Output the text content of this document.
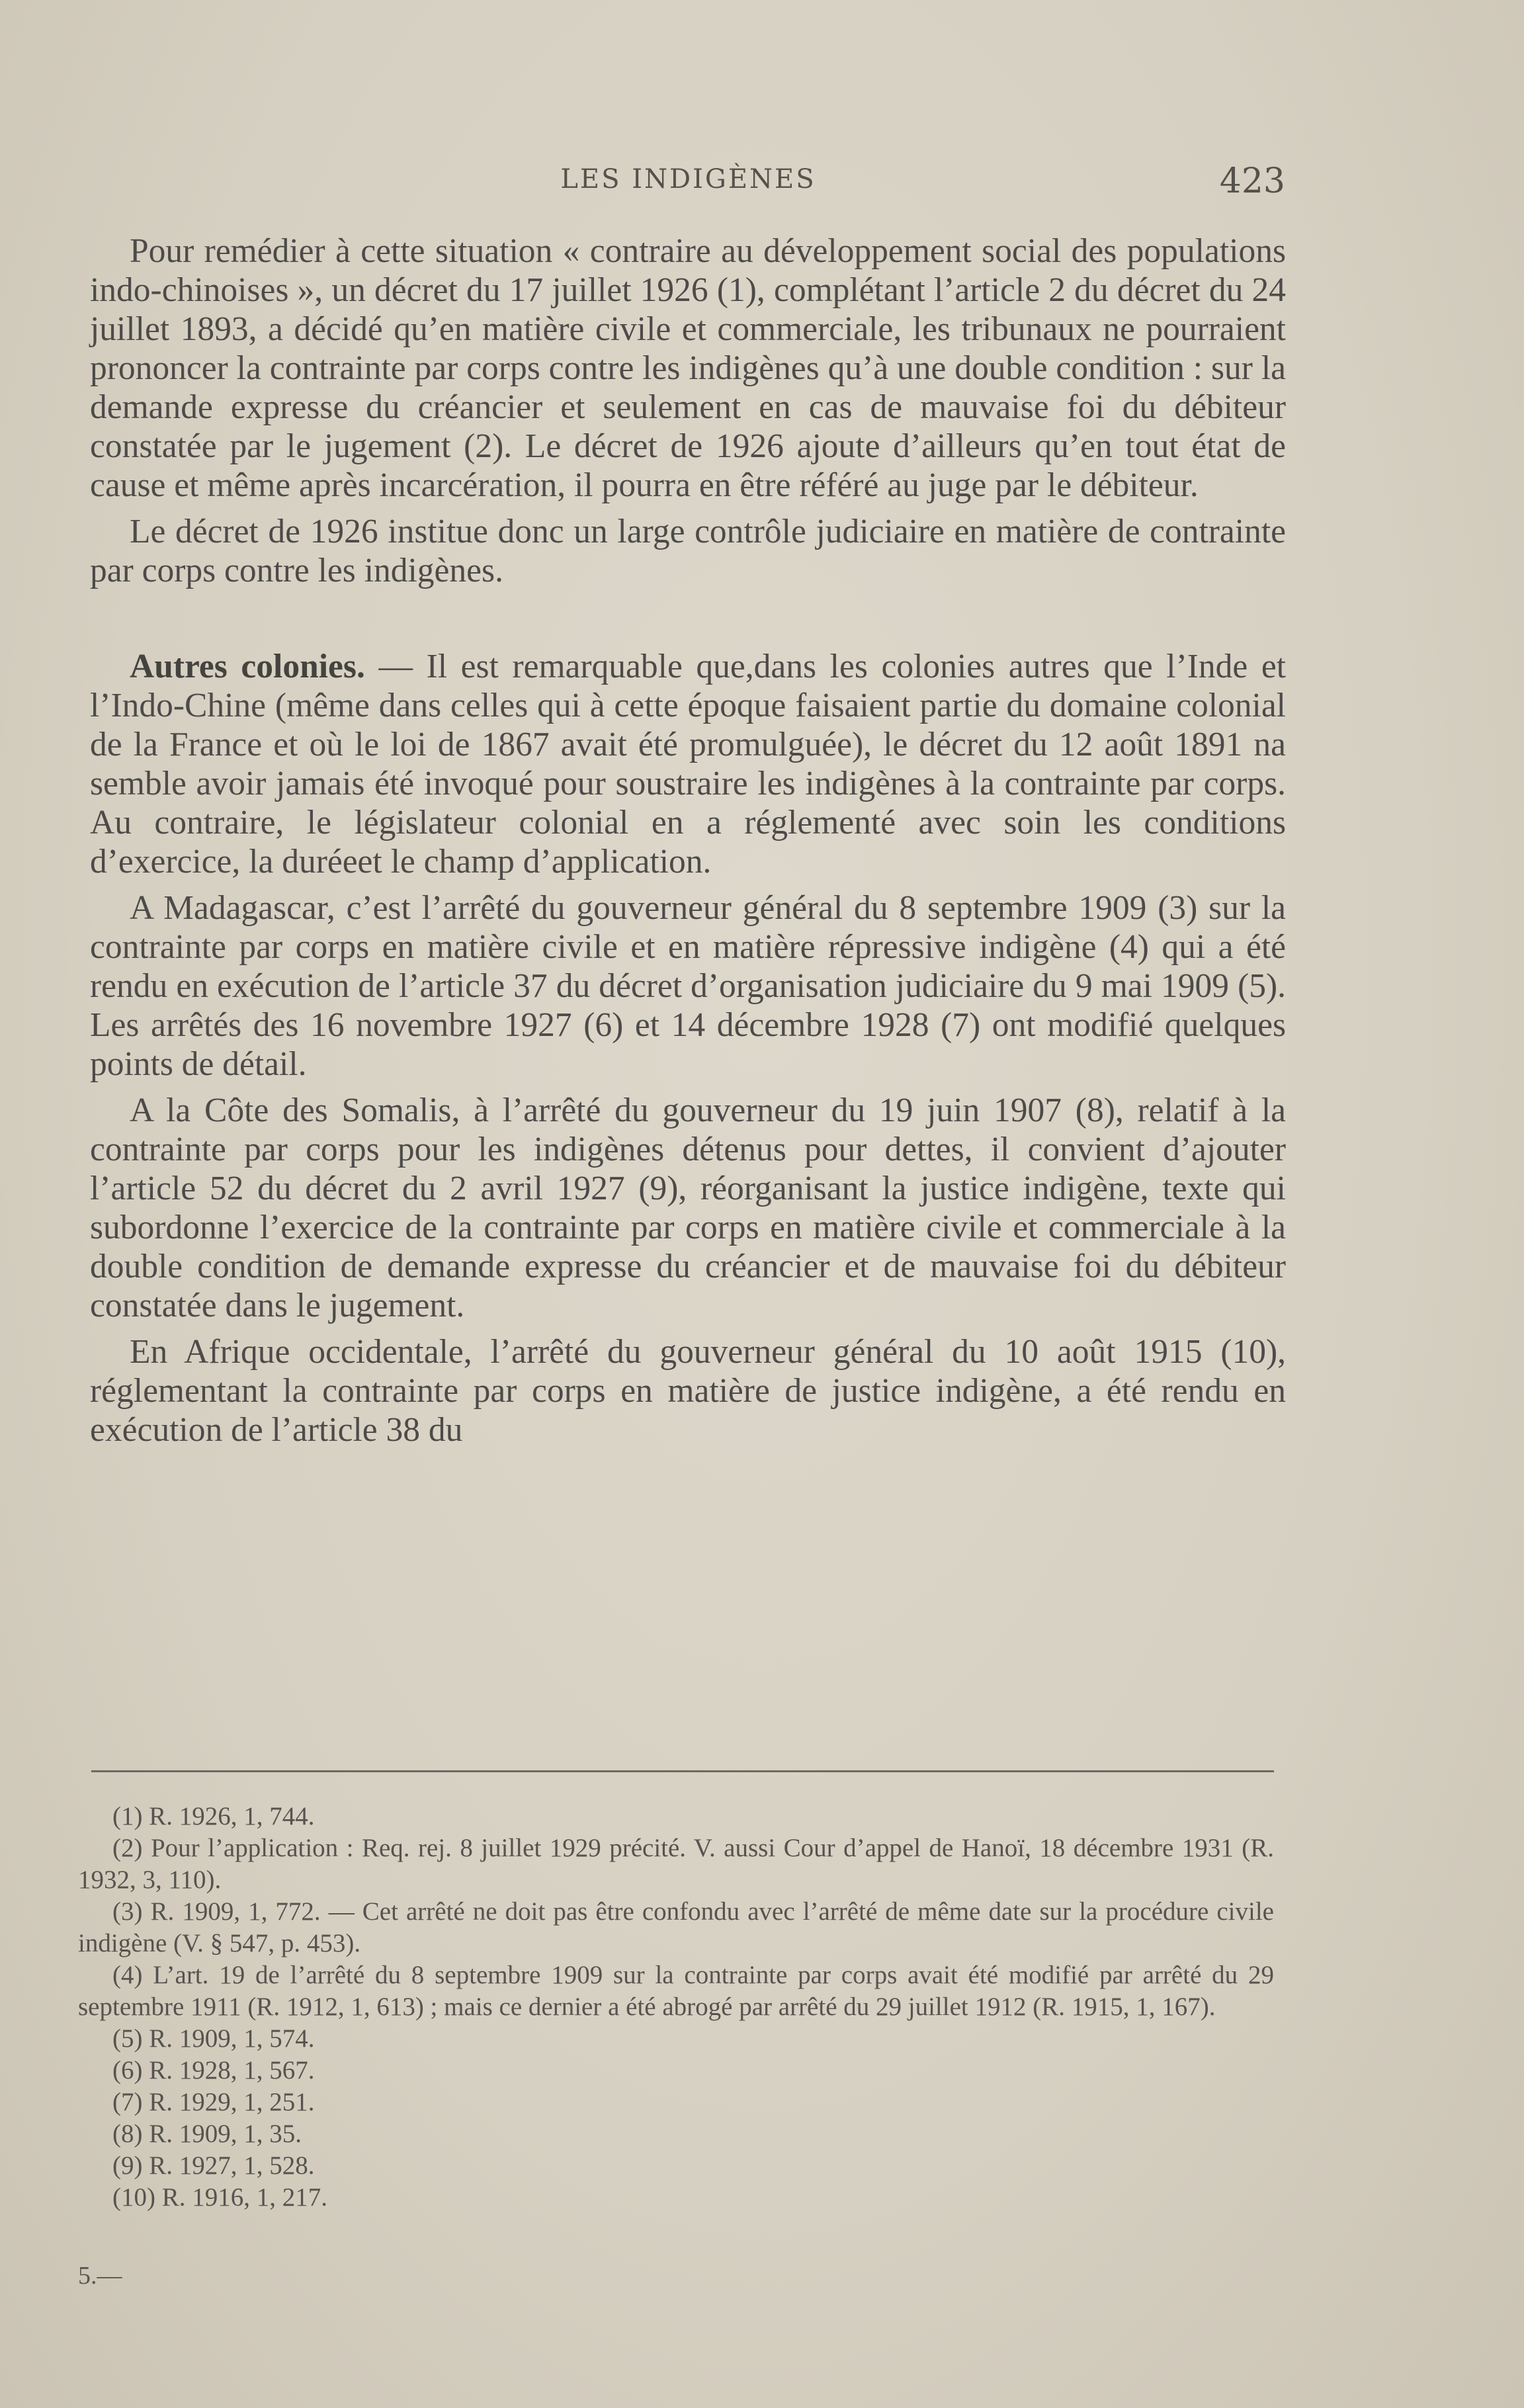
LES INDIGÈNES	423

Pour remédier à cette situation « contraire au développement social des populations indo-chinoises », un décret du 17 juillet 1926 (1), complétant l’article 2 du décret du 24 juillet 1893, a décidé qu’en matière civile et commerciale, les tribunaux ne pourraient prononcer la contrainte par corps contre les indigènes qu’à une double condition : sur la demande expresse du créancier et seulement en cas de mauvaise foi du débiteur constatée par le jugement (2). Le décret de 1926 ajoute d’ailleurs qu’en tout état de cause et même après incarcération, il pourra en être référé au juge par le débiteur.

Le décret de 1926 institue donc un large contrôle judiciaire en matière de contrainte par corps contre les indigènes.

Autres colonies. — Il est remarquable que,dans les colonies autres que l’Inde et l’Indo-Chine (même dans celles qui à cette époque faisaient partie du domaine colonial de la France et où le loi de 1867 avait été promulguée), le décret du 12 août 1891 na semble avoir jamais été invoqué pour soustraire les indigènes à la contrainte par corps. Au contraire, le législateur colonial en a réglementé avec soin les conditions d’exercice, la duréeet le champ d’application.

A Madagascar, c’est l’arrêté du gouverneur général du 8 septembre 1909 (3) sur la contrainte par corps en matière civile et en matière répressive indigène (4) qui a été rendu en exécution de l’article 37 du décret d’organisation judiciaire du 9 mai 1909 (5). Les arrêtés des 16 novembre 1927 (6) et 14 décembre 1928 (7) ont modifié quelques points de détail.

A la Côte des Somalis, à l’arrêté du gouverneur du 19 juin 1907 (8), relatif à la contrainte par corps pour les indigènes détenus pour dettes, il convient d’ajouter l’article 52 du décret du 2 avril 1927 (9), réorganisant la justice indigène, texte qui subordonne l’exercice de la contrainte par corps en matière civile et commerciale à la double condition de demande expresse du créancier et de mauvaise foi du débiteur constatée dans le jugement.

En Afrique occidentale, l’arrêté du gouverneur général du 10 août 1915 (10), réglementant la contrainte par corps en matière de justice indigène, a été rendu en exécution de l’article 38 du

(1) R. 1926, 1, 744.

(2) Pour l’application : Req. rej. 8 juillet 1929 précité. V. aussi Cour d’appel de Hanoï, 18 décembre 1931 (R. 1932, 3, 110).

(3) R. 1909, 1, 772. — Cet arrêté ne doit pas être confondu avec l’arrêté de même date sur la procédure civile indigène (V. § 547, p. 453).

(4) L’art. 19 de l’arrêté du 8 septembre 1909 sur la contrainte par corps avait été modifié par arrêté du 29 septembre 1911 (R. 1912, 1, 613) ; mais ce dernier a été abrogé par arrêté du 29 juillet 1912 (R. 1915, 1, 167).

(5) R. 1909, 1, 574.

(6) R. 1928, 1, 567.

(7) R. 1929, 1, 251.

(8) R. 1909, 1, 35.

(9) R. 1927, 1, 528.

(10) R. 1916, 1, 217.

5.—
